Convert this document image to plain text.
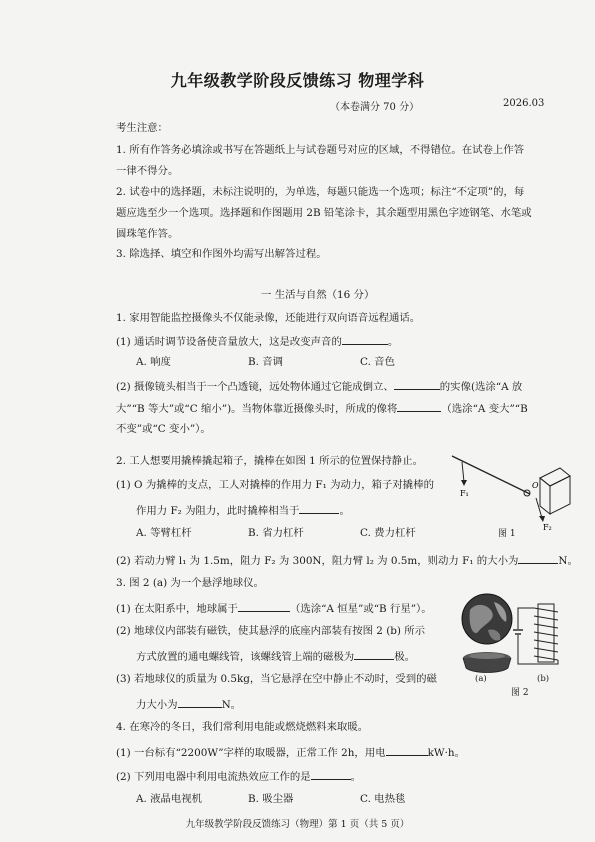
九年级教学阶段反馈练习 物理学科
（本卷满分 70 分）	2026.03
考生注意：
1. 所有作答务必填涂或书写在答题纸上与试卷题号对应的区域，不得错位。在试卷上作答
一律不得分。
2. 试卷中的选择题，未标注说明的，为单选，每题只能选一个选项；标注“不定项”的，每
题应选至少一个选项。选择题和作图题用 2B 铅笔涂卡，其余题型用黑色字迹钢笔、水笔或
圆珠笔作答。
3. 除选择、填空和作图外均需写出解答过程。
一 生活与自然（16 分）
1. 家用智能监控摄像头不仅能录像，还能进行双向语音远程通话。
(1) 通话时调节设备使音量放大，这是改变声音的	。
A. 响度	B. 音调	C. 音色
(2) 摄像镜头相当于一个凸透镜，远处物体通过它能成倒立、	的实像(选涂“A 放
大”“B 等大”或“C 缩小”)。当物体靠近摄像头时，所成的像将	（选涂“A 变大”“B
不变”或“C 变小”）。
2. 工人想要用撬棒撬起箱子，撬棒在如图 1 所示的位置保持静止。
(1) O 为撬棒的支点，工人对撬棒的作用力 F₁ 为动力，箱子对撬棒的
作用力 F₂ 为阻力，此时撬棒相当于	。
A. 等臂杠杆	B. 省力杠杆	C. 费力杠杆
F₁
O
F₂
图 1
(2) 若动力臂 l₁ 为 1.5m，阻力 F₂ 为 300N，阻力臂 l₂ 为 0.5m，则动力 F₁ 的大小为	N。
3. 图 2 (a) 为一个悬浮地球仪。
(1) 在太阳系中，地球属于	（选涂“A 恒星”或“B 行星”）。
(2) 地球仪内部装有磁铁，使其悬浮的底座内部装有按图 2 (b) 所示
方式放置的通电螺线管，该螺线管上端的磁极为	极。
(3) 若地球仪的质量为 0.5kg，当它悬浮在空中静止不动时，受到的磁
力大小为	N。
(a)	(b)
图 2
4. 在寒冷的冬日，我们常利用电能或燃烧燃料来取暖。
(1) 一台标有“2200W”字样的取暖器，正常工作 2h，用电	kW·h。
(2) 下列用电器中利用电流热效应工作的是	。
A. 液晶电视机	B. 吸尘器	C. 电热毯
九年级教学阶段反馈练习（物理）第 1 页（共 5 页）
